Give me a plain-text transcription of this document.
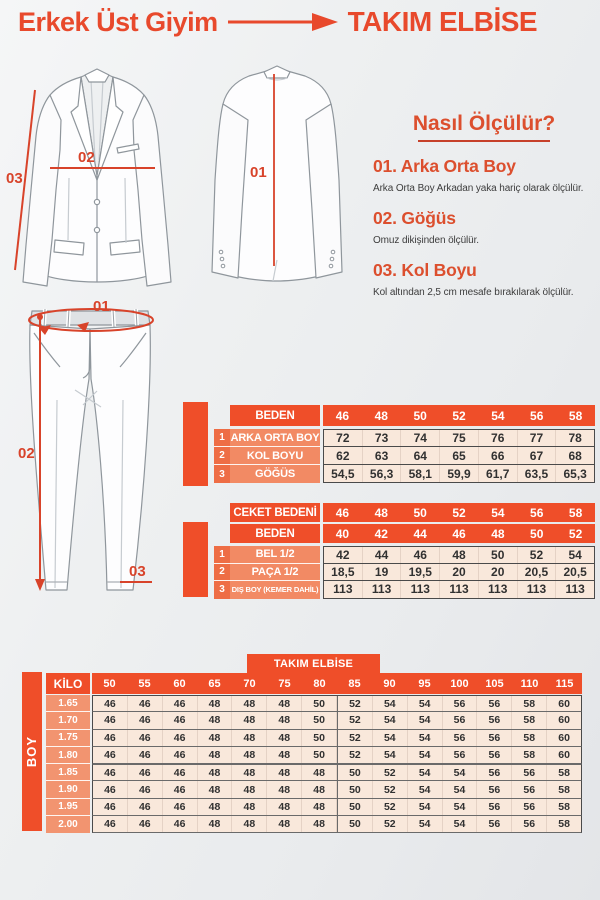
Erkek Üst Giyim	TAKIM ELBİSE
02
03	01
Nasıl Ölçülür?
01. Arka Orta Boy

Arka Orta Boy Arkadan yaka hariç olarak ölçülür.

02. Göğüs

Omuz dikişinden ölçülür.

03. Kol Boyu

Kol altından 2,5 cm mesafe bırakılarak ölçülür.

01
02
03
BEDEN	46	48	50	52	54	56	58
1 ARKA ORTA BOY	72	73	74	75	76	77	78
2	KOL BOYU	62	63	64	65	66	67	68
3	GÖĞÜS	54,5	56,3	58,1	59,9	61,7	63,5	65,3
CEKET BEDENİ	46	48	50	52	54	56	58
BEDEN	40	42	44	46	48	50	52
1	BEL 1/2	42	44	46	48	50	52	54
2	PAÇA 1/2	18,5	19	19,5	20	20	20,5	20,5
3 DIŞ BOY (KEMER DAHİL)	113	113	113	113	113	113	113
TAKIM ELBİSE
BOY
KİLO	50	55	60	65	70	75	80	85	90	95	100	105	110	115
1.65	46	46	46	48	48	48	50	52	54	54	56	56	58	60
1.70	46	46	46	48	48	48	50	52	54	54	56	56	58	60
1.75	46	46	46	48	48	48	50	52	54	54	56	56	58	60
1.80	46	46	46	48	48	48	50	52	54	54	56	56	58	60
1.85	46	46	46	48	48	48	48	50	52	54	54	56	56	58
1.90	46	46	46	48	48	48	48	50	52	54	54	56	56	58
1.95	46	46	46	48	48	48	48	50	52	54	54	56	56	58
2.00	46	46	46	48	48	48	48	50	52	54	54	56	56	58
